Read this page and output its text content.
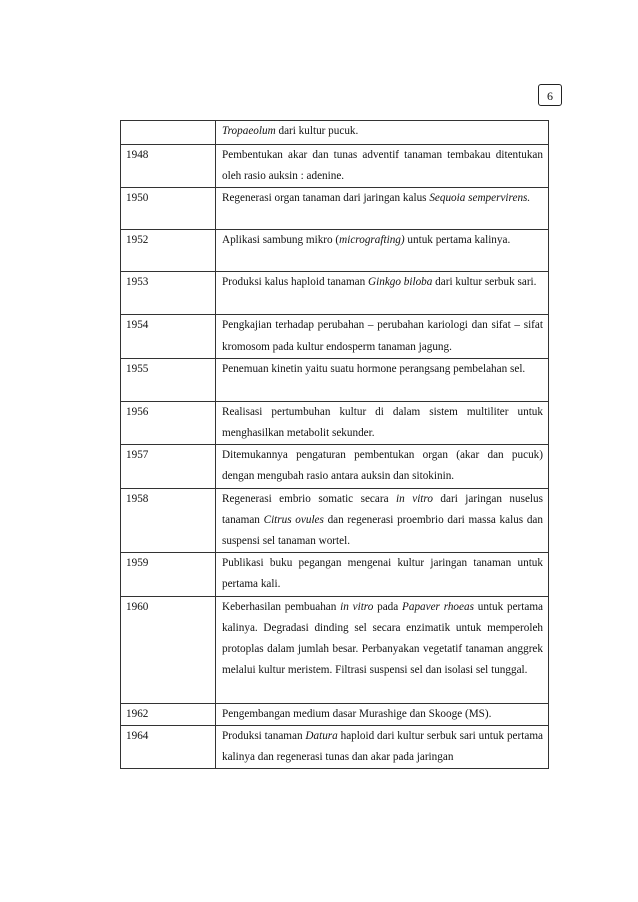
6
	Tropaeolum dari kultur pucuk.
1948	Pembentukan akar dan tunas adventif tanaman tembakau ditentukan oleh rasio auksin : adenine.
1950	Regenerasi organ tanaman dari jaringan kalus Sequoia sempervirens.
1952	Aplikasi sambung mikro (micrografting) untuk pertama kalinya.
1953	Produksi kalus haploid tanaman Ginkgo biloba dari kultur serbuk sari.
1954	Pengkajian terhadap perubahan – perubahan kariologi dan sifat – sifat kromosom pada kultur endosperm tanaman jagung.
1955	Penemuan kinetin yaitu suatu hormone perangsang pembelahan sel.
1956	Realisasi pertumbuhan kultur di dalam sistem multiliter untuk menghasilkan metabolit sekunder.
1957	Ditemukannya pengaturan pembentukan organ (akar dan pucuk) dengan mengubah rasio antara auksin dan sitokinin.
1958	Regenerasi embrio somatic secara in vitro dari jaringan nuselus tanaman Citrus ovules dan regenerasi proembrio dari massa kalus dan suspensi sel tanaman wortel.
1959	Publikasi buku pegangan mengenai kultur jaringan tanaman untuk pertama kali.
1960	Keberhasilan pembuahan in vitro pada Papaver rhoeas untuk pertama kalinya. Degradasi dinding sel secara enzimatik untuk memperoleh protoplas dalam jumlah besar. Perbanyakan vegetatif tanaman anggrek melalui kultur meristem. Filtrasi suspensi sel dan isolasi sel tunggal.
1962	Pengembangan medium dasar Murashige dan Skooge (MS).
1964	Produksi tanaman Datura haploid dari kultur serbuk sari untuk pertama kalinya dan regenerasi tunas dan akar pada jaringan
